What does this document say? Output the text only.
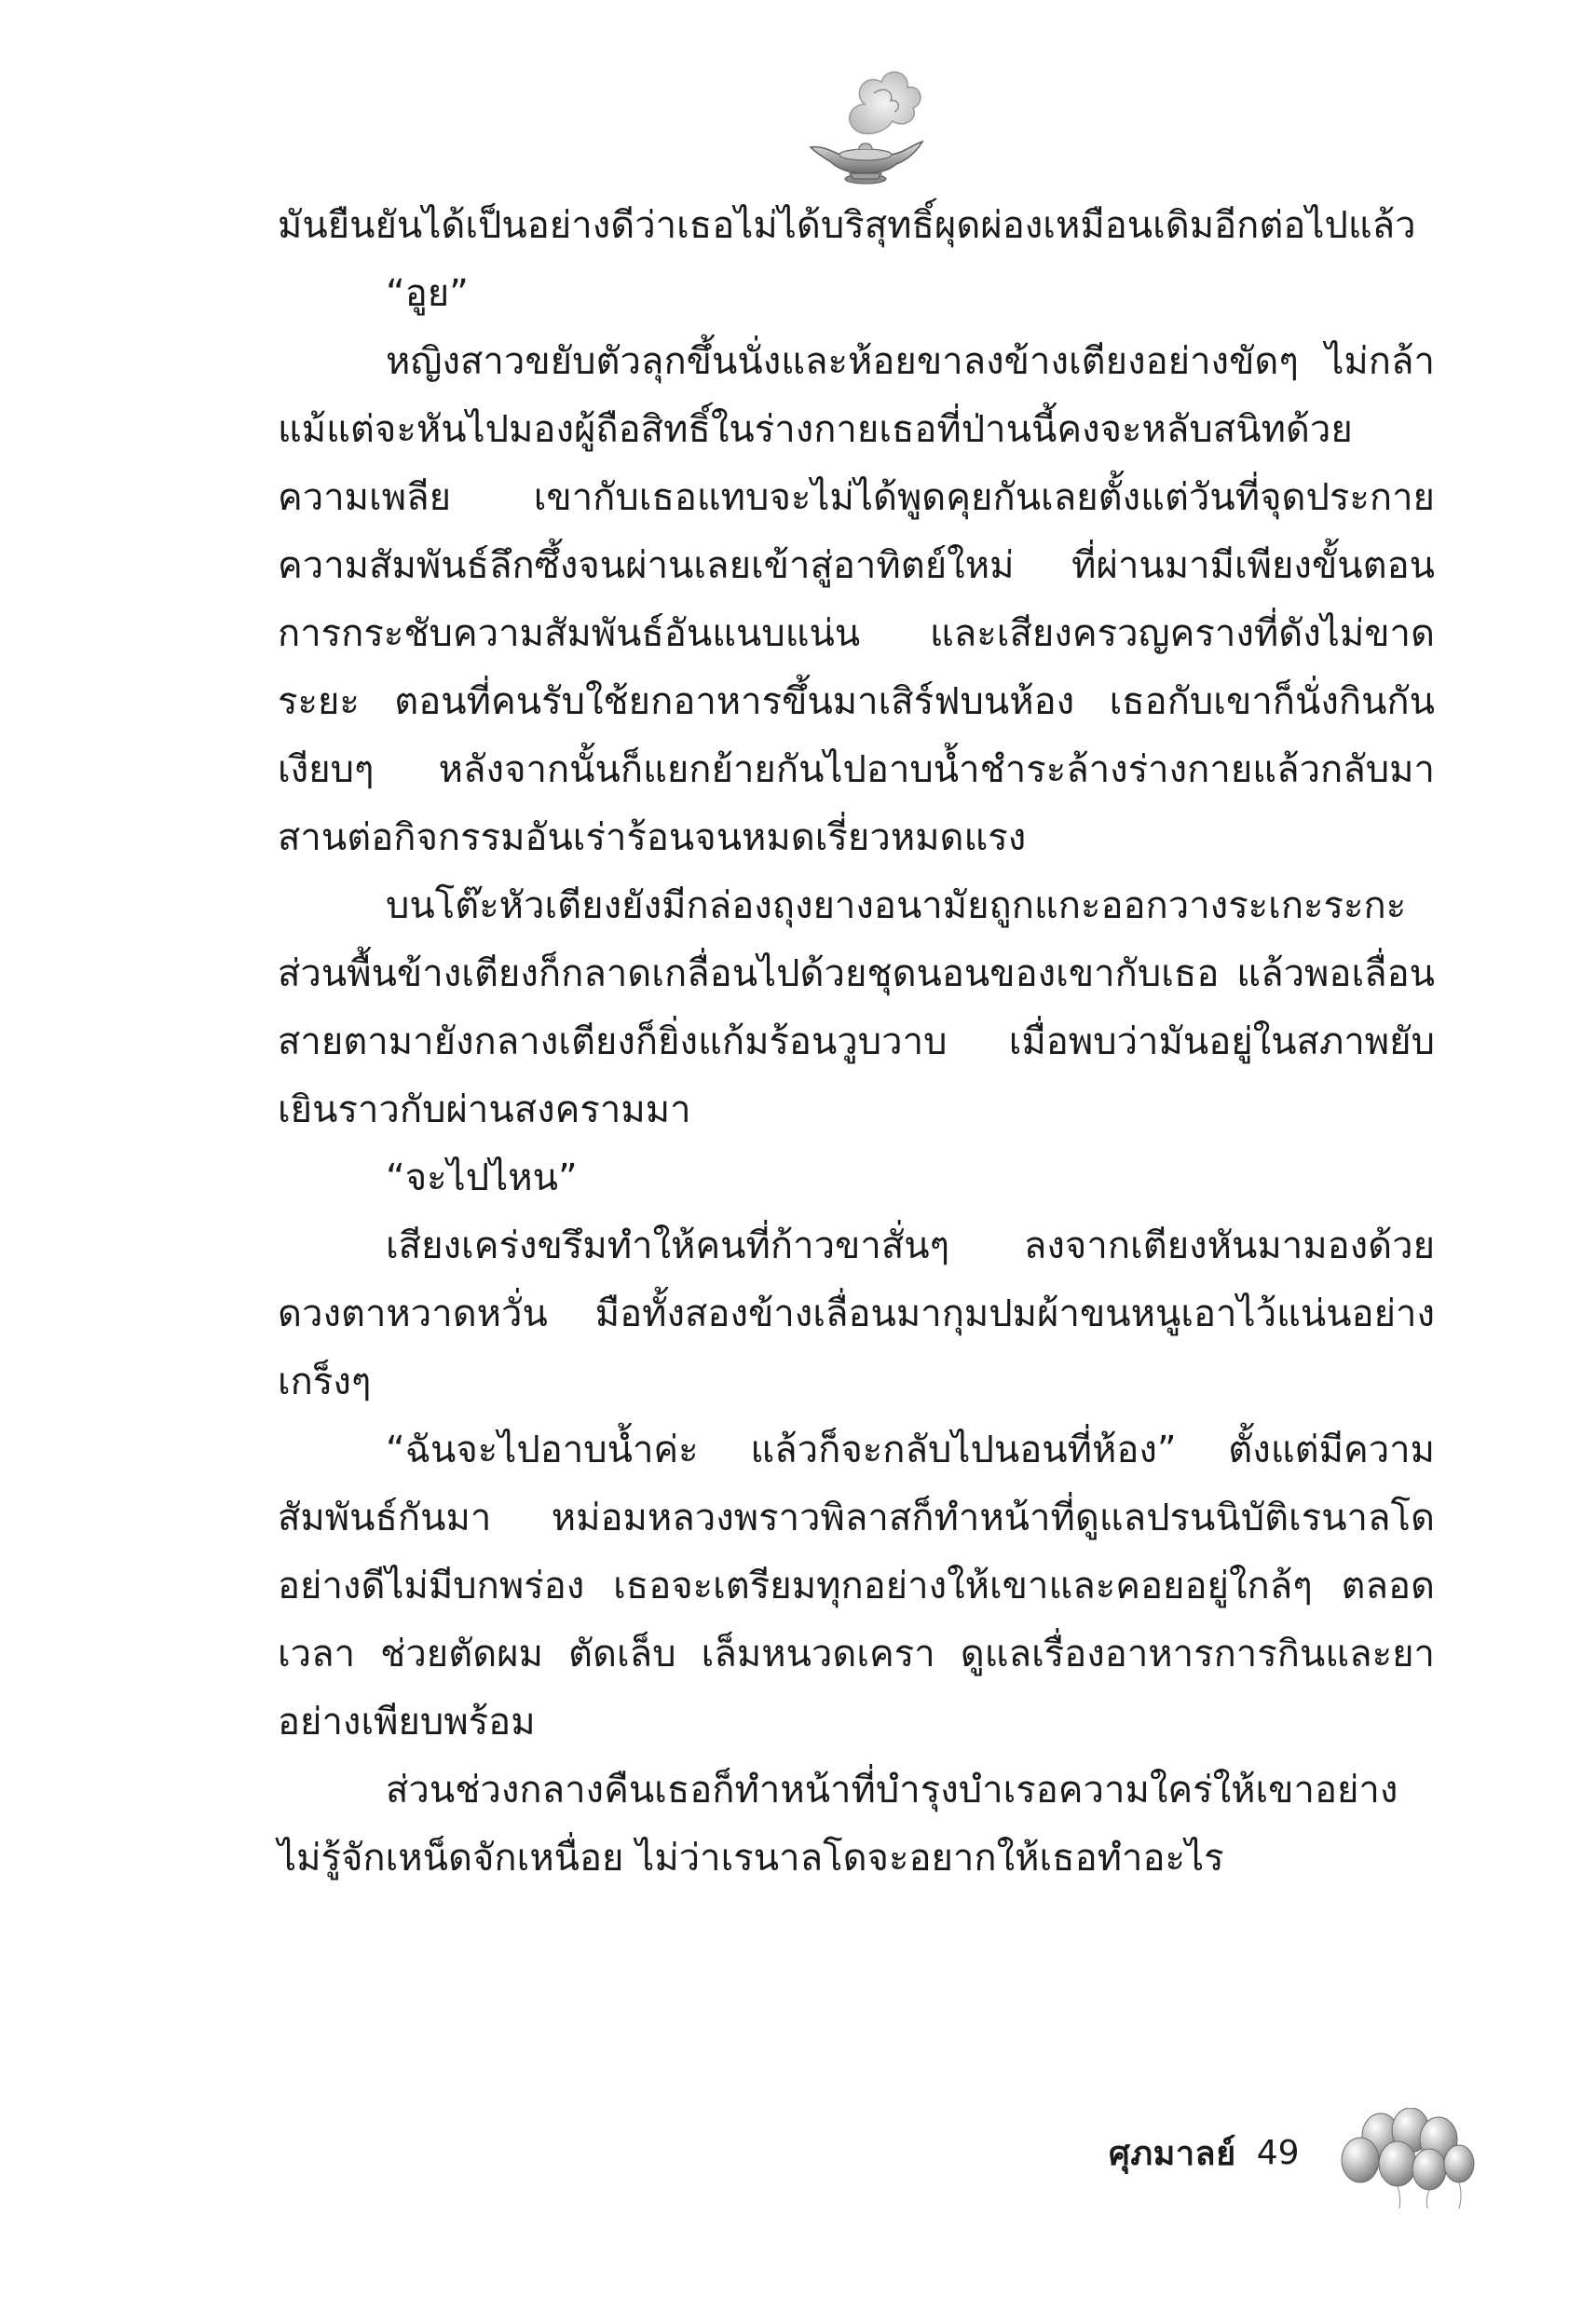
มันยืนยันได้เป็นอย่างดีว่าเธอไม่ได้บริสุทธิ์ผุดผ่องเหมือนเดิมอีกต่อไปแล้ว

“อูย”

หญิงสาวขยับตัวลุกขึ้นนั่งและห้อยขาลงข้างเตียงอย่างขัดๆ ไม่กล้าแม้แต่จะหันไปมองผู้ถือสิทธิ์ในร่างกายเธอที่ป่านนี้คงจะหลับสนิทด้วยความเพลีย เขากับเธอแทบจะไม่ได้พูดคุยกันเลยตั้งแต่วันที่จุดประกายความสัมพันธ์ลึกซึ้งจนผ่านเลยเข้าสู่อาทิตย์ใหม่ ที่ผ่านมามีเพียงขั้นตอนการกระชับความสัมพันธ์อันแนบแน่น และเสียงครวญครางที่ดังไม่ขาดระยะ ตอนที่คนรับใช้ยกอาหารขึ้นมาเสิร์ฟบนห้อง เธอกับเขาก็นั่งกินกันเงียบๆ หลังจากนั้นก็แยกย้ายกันไปอาบน้ำชำระล้างร่างกายแล้วกลับมาสานต่อกิจกรรมอันเร่าร้อนจนหมดเรี่ยวหมดแรง

บนโต๊ะหัวเตียงยังมีกล่องถุงยางอนามัยถูกแกะออกวางระเกะระกะ ส่วนพื้นข้างเตียงก็กลาดเกลื่อนไปด้วยชุดนอนของเขากับเธอ แล้วพอเลื่อนสายตามายังกลางเตียงก็ยิ่งแก้มร้อนวูบวาบ เมื่อพบว่ามันอยู่ในสภาพยับเยินราวกับผ่านสงครามมา

“จะไปไหน”

เสียงเคร่งขรึมทำให้คนที่ก้าวขาสั่นๆ ลงจากเตียงหันมามองด้วยดวงตาหวาดหวั่น มือทั้งสองข้างเลื่อนมากุมปมผ้าขนหนูเอาไว้แน่นอย่างเกร็งๆ

“ฉันจะไปอาบน้ำค่ะ แล้วก็จะกลับไปนอนที่ห้อง” ตั้งแต่มีความสัมพันธ์กันมา หม่อมหลวงพราวพิลาสก็ทำหน้าที่ดูแลปรนนิบัติเรนาลโดอย่างดีไม่มีบกพร่อง เธอจะเตรียมทุกอย่างให้เขาและคอยอยู่ใกล้ๆ ตลอดเวลา ช่วยตัดผม ตัดเล็บ เล็มหนวดเครา ดูแลเรื่องอาหารการกินและยาอย่างเพียบพร้อม

ส่วนช่วงกลางคืนเธอก็ทำหน้าที่บำรุงบำเรอความใคร่ให้เขาอย่างไม่รู้จักเหน็ดจักเหนื่อย ไม่ว่าเรนาลโดจะอยากให้เธอทำอะไร

ศุภมาลย์ 49
